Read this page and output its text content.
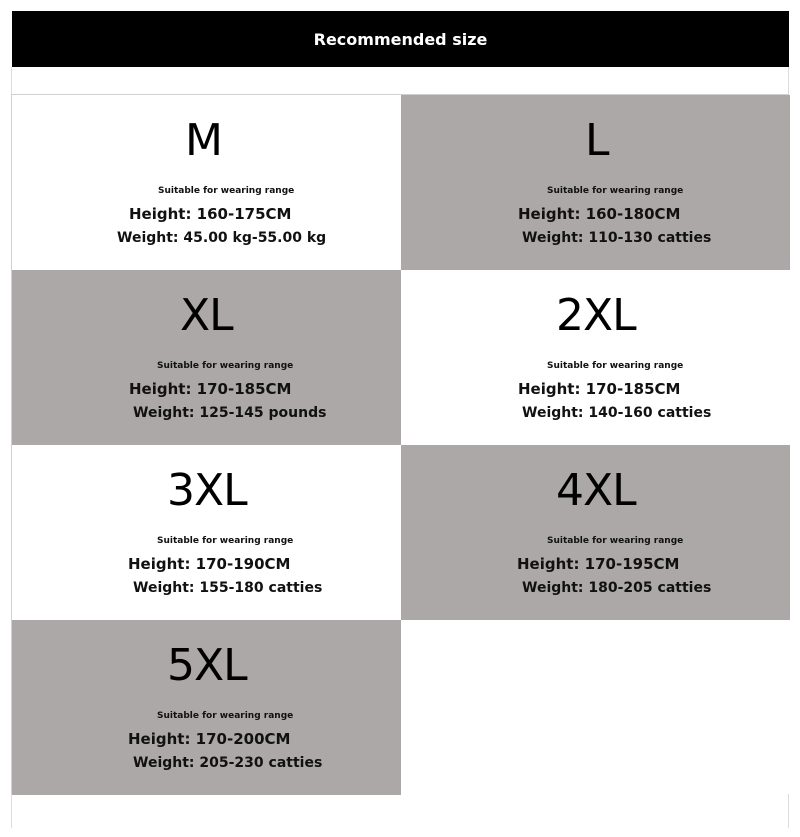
Recommended size
M
Suitable for wearing range
Height: 160-175CM
Weight: 45.00 kg-55.00 kg
L
Suitable for wearing range
Height: 160-180CM
Weight: 110-130 catties
XL
Suitable for wearing range
Height: 170-185CM
Weight: 125-145 pounds
2XL
Suitable for wearing range
Height: 170-185CM
Weight: 140-160 catties
3XL
Suitable for wearing range
Height: 170-190CM
Weight: 155-180 catties
4XL
Suitable for wearing range
Height: 170-195CM
Weight: 180-205 catties
5XL
Suitable for wearing range
Height: 170-200CM
Weight: 205-230 catties
